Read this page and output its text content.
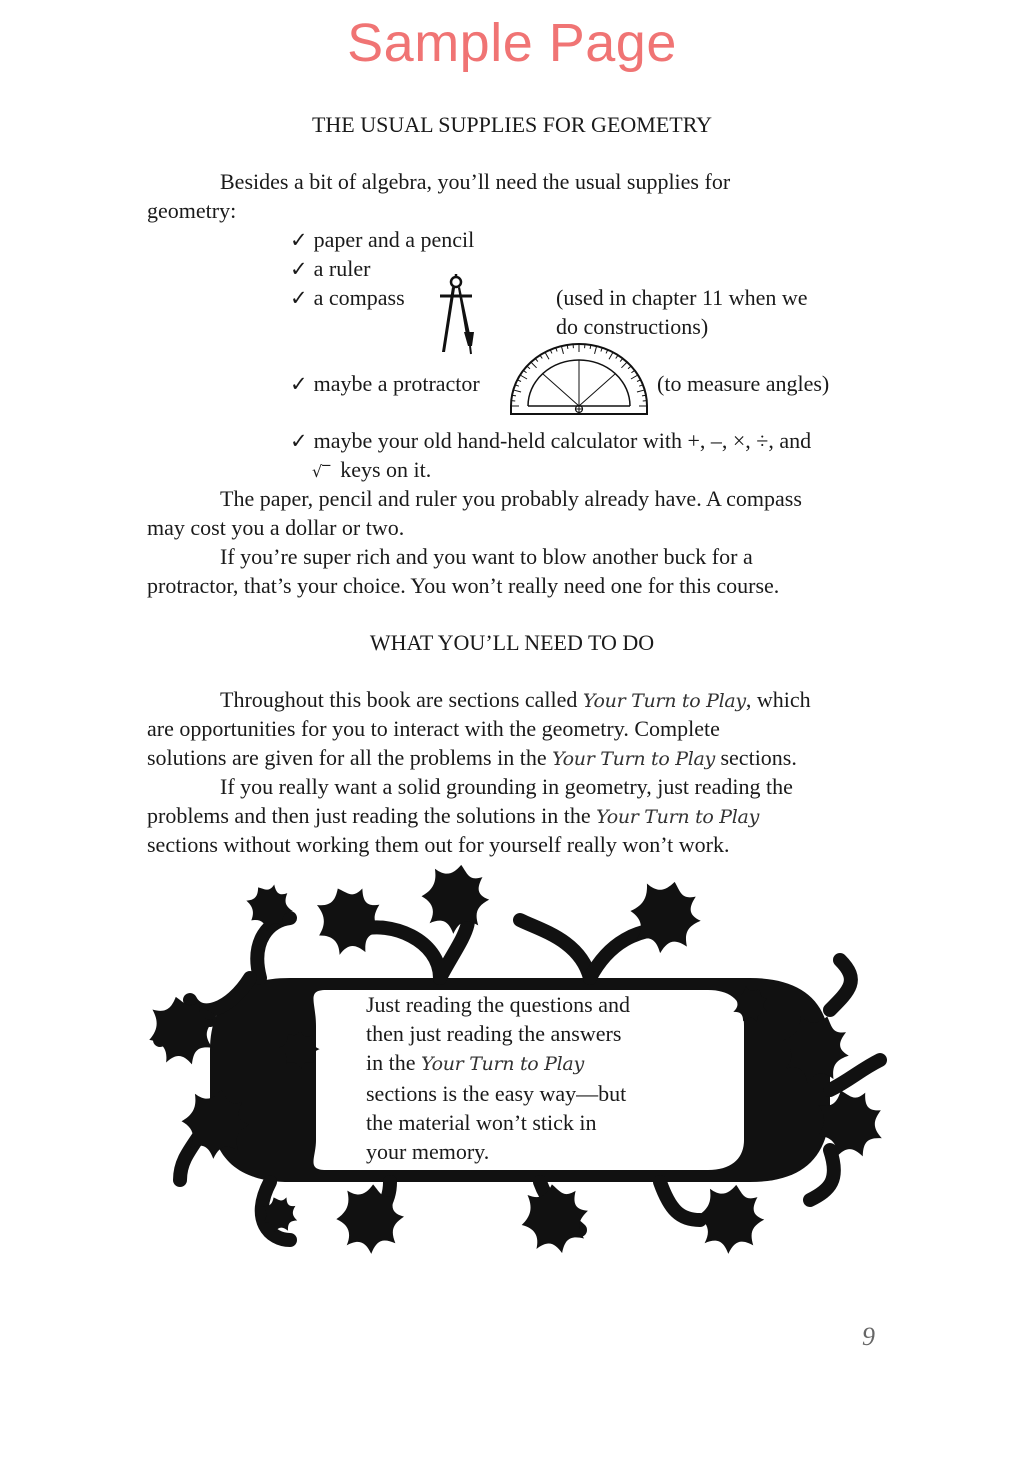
Sample Page
THE USUAL SUPPLIES FOR GEOMETRY
Besides a bit of algebra, you’ll need the usual supplies for
geometry:
✓ paper and a pencil
✓ a ruler
✓ a compass	(used in chapter 11 when we
do constructions)
✓ maybe a protractor	(to measure angles)
✓ maybe your old hand-held calculator with +, –, ×, ÷, and
√‾ keys on it.
The paper, pencil and ruler you probably already have. A compass
may cost you a dollar or two.
If you’re super rich and you want to blow another buck for a
protractor, that’s your choice. You won’t really need one for this course.
WHAT YOU’LL NEED TO DO
Throughout this book are sections called Your Turn to Play, which
are opportunities for you to interact with the geometry. Complete
solutions are given for all the problems in the Your Turn to Play sections.
If you really want a solid grounding in geometry, just reading the
problems and then just reading the solutions in the Your Turn to Play
sections without working them out for yourself really won’t work.
Just reading the questions and
then just reading the answers
in the Your Turn to Play
sections is the easy way—but
the material won’t stick in
your memory.
9
